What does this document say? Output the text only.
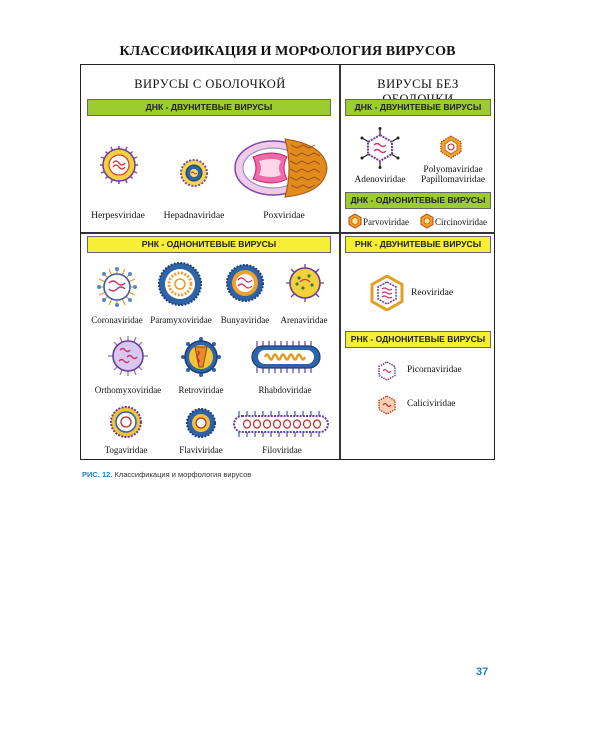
КЛАССИФИКАЦИЯ И МОРФОЛОГИЯ ВИРУСОВ
ВИРУСЫ С ОБОЛОЧКОЙ
ДНК - ДВУНИТЕВЫЕ ВИРУСЫ
Herpesviridae	Hepadnaviridae	Poxviridae
РНК - ОДНОНИТЕВЫЕ ВИРУСЫ
Coronaviridae Paramyxoviridae	Bunyaviridae	Arenaviridae
Orthomyxoviridae	Retroviridae	Rhabdoviridae
Togaviridae	Flaviviridae	Filoviridae
ВИРУСЫ БЕЗ
ДНК - ДВУНИТЕВЫЕ ВИРУСЫ
Adenoviridae
Polyomaviridae
Papillomaviridae
ДНК - ОДНОНИТЕВЫЕ ВИРУСЫ
Parvoviridae	Circinoviridae
РНК - ДВУНИТЕВЫЕ ВИРУСЫ
Reoviridae
РНК - ОДНОНИТЕВЫЕ ВИРУСЫ
Picornaviridae
Caliciviridae
РИС. 12. Классификация и морфология вирусов
37
